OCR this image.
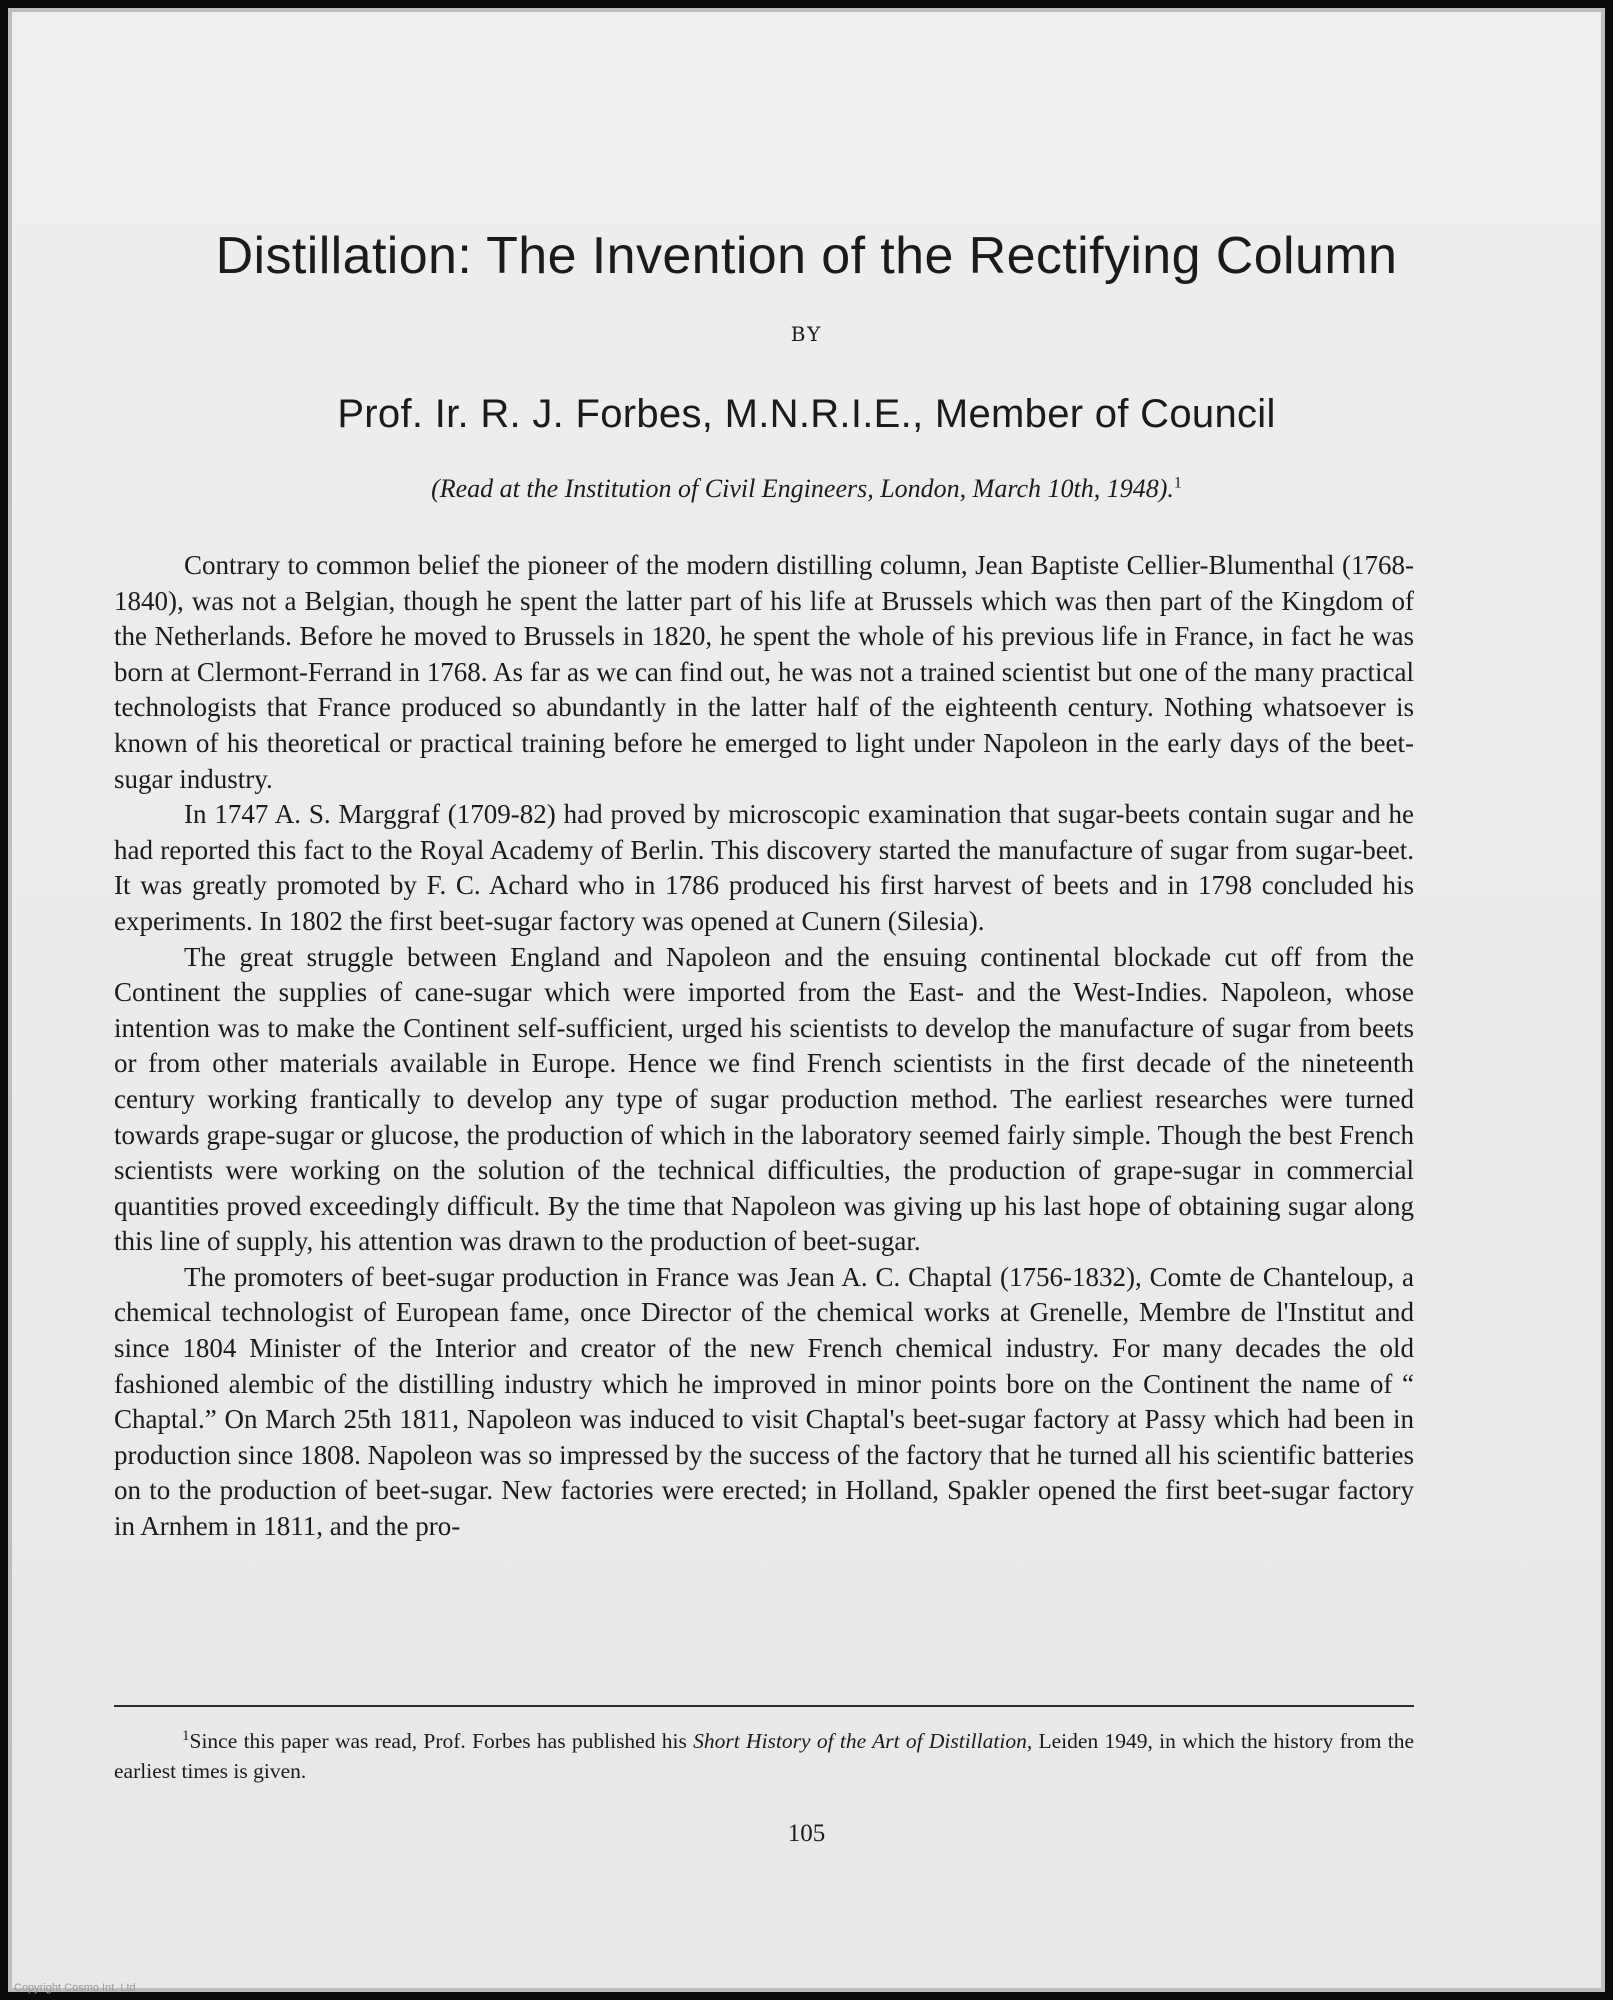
Distillation: The Invention of the Rectifying Column
BY
Prof. Ir. R. J. Forbes, M.N.R.I.E., Member of Council
(Read at the Institution of Civil Engineers, London, March 10th, 1948).$^1$

Contrary to common belief the pioneer of the modern distilling column, Jean Baptiste Cellier-Blumenthal (1768-1840), was not a Belgian, though he spent the latter part of his life at Brussels which was then part of the Kingdom of the Netherlands. Before he moved to Brussels in 1820, he spent the whole of his previous life in France, in fact he was born at Clermont-Ferrand in 1768. As far as we can find out, he was not a trained scientist but one of the many practical technologists that France produced so abundantly in the latter half of the eighteenth century. Nothing whatsoever is known of his theoretical or practical training before he emerged to light under Napoleon in the early days of the beet-sugar industry.

In 1747 A. S. Marggraf (1709-82) had proved by microscopic examination that sugar-beets contain sugar and he had reported this fact to the Royal Academy of Berlin. This discovery started the manufacture of sugar from sugar-beet. It was greatly promoted by F. C. Achard who in 1786 produced his first harvest of beets and in 1798 concluded his experiments. In 1802 the first beet-sugar factory was opened at Cunern (Silesia).

The great struggle between England and Napoleon and the ensuing continental blockade cut off from the Continent the supplies of cane-sugar which were imported from the East- and the West-Indies. Napoleon, whose intention was to make the Continent self-sufficient, urged his scientists to develop the manufacture of sugar from beets or from other materials available in Europe. Hence we find French scientists in the first decade of the nineteenth century working frantically to develop any type of sugar production method. The earliest researches were turned towards grape-sugar or glucose, the production of which in the laboratory seemed fairly simple. Though the best French scientists were working on the solution of the technical difficulties, the production of grape-sugar in commercial quantities proved exceedingly difficult. By the time that Napoleon was giving up his last hope of obtaining sugar along this line of supply, his attention was drawn to the production of beet-sugar.

The promoters of beet-sugar production in France was Jean A. C. Chaptal (1756-1832), Comte de Chanteloup, a chemical technologist of European fame, once Director of the chemical works at Grenelle, Membre de l'Institut and since 1804 Minister of the Interior and creator of the new French chemical industry. For many decades the old fashioned alembic of the distilling industry which he improved in minor points bore on the Continent the name of “ Chaptal.” On March 25th 1811, Napoleon was induced to visit Chaptal's beet-sugar factory at Passy which had been in production since 1808. Napoleon was so impressed by the success of the factory that he turned all his scientific batteries on to the production of beet-sugar. New factories were erected; in Holland, Spakler opened the first beet-sugar factory in Arnhem in 1811, and the pro-

$^1$Since this paper was read, Prof. Forbes has published his Short History of the Art of Distillation, Leiden 1949, in which the history from the earliest times is given.
105
Copyright Cosmo Int. Ltd
